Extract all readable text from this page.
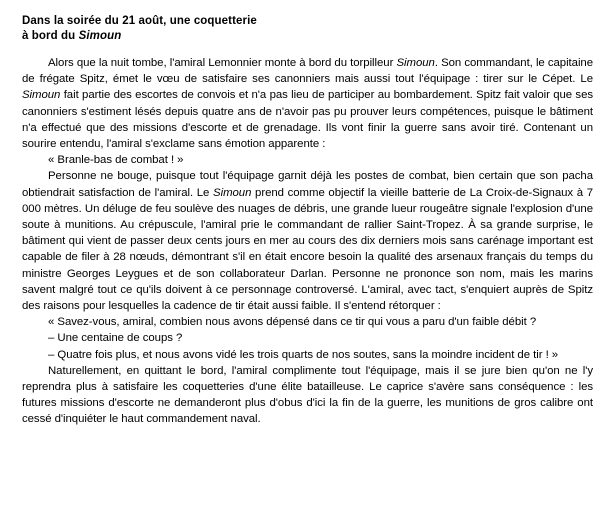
Dans la soirée du 21 août, une coquetterie
à bord du Simoun

Alors que la nuit tombe, l'amiral Lemonnier monte à bord du torpilleur Simoun. Son commandant, le capitaine de frégate Spitz, émet le vœu de satisfaire ses canonniers mais aussi tout l'équipage : tirer sur le Cépet. Le Simoun fait partie des escortes de convois et n'a pas lieu de participer au bombardement. Spitz fait valoir que ses canonniers s'estiment lésés depuis quatre ans de n'avoir pas pu prouver leurs compétences, puisque le bâtiment n'a effectué que des missions d'escorte et de grenadage. Ils vont finir la guerre sans avoir tiré. Contenant un sourire entendu, l'amiral s'exclame sans émotion apparente :

« Branle-bas de combat ! »

Personne ne bouge, puisque tout l'équipage garnit déjà les postes de combat, bien certain que son pacha obtiendrait satisfaction de l'amiral. Le Simoun prend comme objectif la vieille batterie de La Croix-de-Signaux à 7 000 mètres. Un déluge de feu soulève des nuages de débris, une grande lueur rougeâtre signale l'explosion d'une soute à munitions. Au crépuscule, l'amiral prie le commandant de rallier Saint-Tropez. À sa grande surprise, le bâtiment qui vient de passer deux cents jours en mer au cours des dix derniers mois sans carénage important est capable de filer à 28 nœuds, démontrant s'il en était encore besoin la qualité des arsenaux français du temps du ministre Georges Leygues et de son collaborateur Darlan. Personne ne prononce son nom, mais les marins savent malgré tout ce qu'ils doivent à ce personnage controversé. L'amiral, avec tact, s'enquiert auprès de Spitz des raisons pour lesquelles la cadence de tir était aussi faible. Il s'entend rétorquer :

« Savez-vous, amiral, combien nous avons dépensé dans ce tir qui vous a paru d'un faible débit ?

– Une centaine de coups ?

– Quatre fois plus, et nous avons vidé les trois quarts de nos soutes, sans la moindre incident de tir ! »

Naturellement, en quittant le bord, l'amiral complimente tout l'équipage, mais il se jure bien qu'on ne l'y reprendra plus à satisfaire les coquetteries d'une élite batailleuse. Le caprice s'avère sans conséquence : les futures missions d'escorte ne demanderont plus d'obus d'ici la fin de la guerre, les munitions de gros calibre ont cessé d'inquiéter le haut commandement naval.
